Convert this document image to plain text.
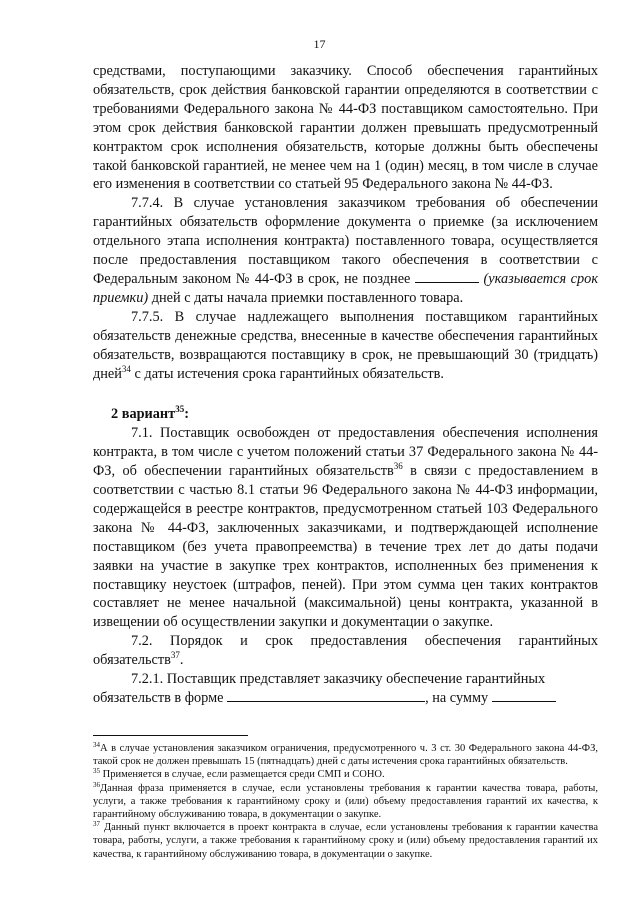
17

средствами, поступающими заказчику. Способ обеспечения гарантийных обязательств, срок действия банковской гарантии определяются в соответствии с требованиями Федерального закона № 44-ФЗ поставщиком самостоятельно. При этом срок действия банковской гарантии должен превышать предусмотренный контрактом срок исполнения обязательств, которые должны быть обеспечены такой банковской гарантией, не менее чем на 1 (один) месяц, в том числе в случае его изменения в соответствии со статьей 95 Федерального закона № 44-ФЗ.

7.7.4. В случае установления заказчиком требования об обеспечении гарантийных обязательств оформление документа о приемке (за исключением отдельного этапа исполнения контракта) поставленного товара, осуществляется после предоставления поставщиком такого обеспечения в соответствии с Федеральным законом № 44-ФЗ в срок, не позднее	(указывается срок приемки) дней с даты начала приемки поставленного товара.

7.7.5. В случае надлежащего выполнения поставщиком гарантийных обязательств денежные средства, внесенные в качестве обеспечения гарантийных обязательств, возвращаются поставщику в срок, не превышающий 30 (тридцать) дней$^{34}$ с даты истечения срока гарантийных обязательств.

2 вариант$^{35}$:

7.1. Поставщик освобожден от предоставления обеспечения исполнения контракта, в том числе с учетом положений статьи 37 Федерального закона № 44-ФЗ, об обеспечении гарантийных обязательств$^{36}$ в связи с предоставлением в соответствии с частью 8.1 статьи 96 Федерального закона № 44-ФЗ информации, содержащейся в реестре контрактов, предусмотренном статьей 103 Федерального закона № 44-ФЗ, заключенных заказчиками, и подтверждающей исполнение поставщиком (без учета правопреемства) в течение трех лет до даты подачи заявки на участие в закупке трех контрактов, исполненных без применения к поставщику неустоек (штрафов, пеней). При этом сумма цен таких контрактов составляет не менее начальной (максимальной) цены контракта, указанной в извещении об осуществлении закупки и документации о закупке.

7.2. Порядок и срок предоставления обеспечения гарантийных обязательств$^{37}$.

7.2.1. Поставщик представляет заказчику обеспечение гарантийных обязательств в форме	, на сумму

$^{34}$А в случае установления заказчиком ограничения, предусмотренного ч. 3 ст. 30 Федерального закона 44-ФЗ, такой срок не должен превышать 15 (пятнадцать) дней с даты истечения срока гарантийных обязательств.

$^{35}$ Применяется в случае, если размещается среди СМП и СОНО.

$^{36}$Данная фраза применяется в случае, если установлены требования к гарантии качества товара, работы, услуги, а также требования к гарантийному сроку и (или) объему предоставления гарантий их качества, к гарантийному обслуживанию товара, в документации о закупке.

$^{37}$ Данный пункт включается в проект контракта в случае, если установлены требования к гарантии качества товара, работы, услуги, а также требования к гарантийному сроку и (или) объему предоставления гарантий их качества, к гарантийному обслуживанию товара, в документации о закупке.
